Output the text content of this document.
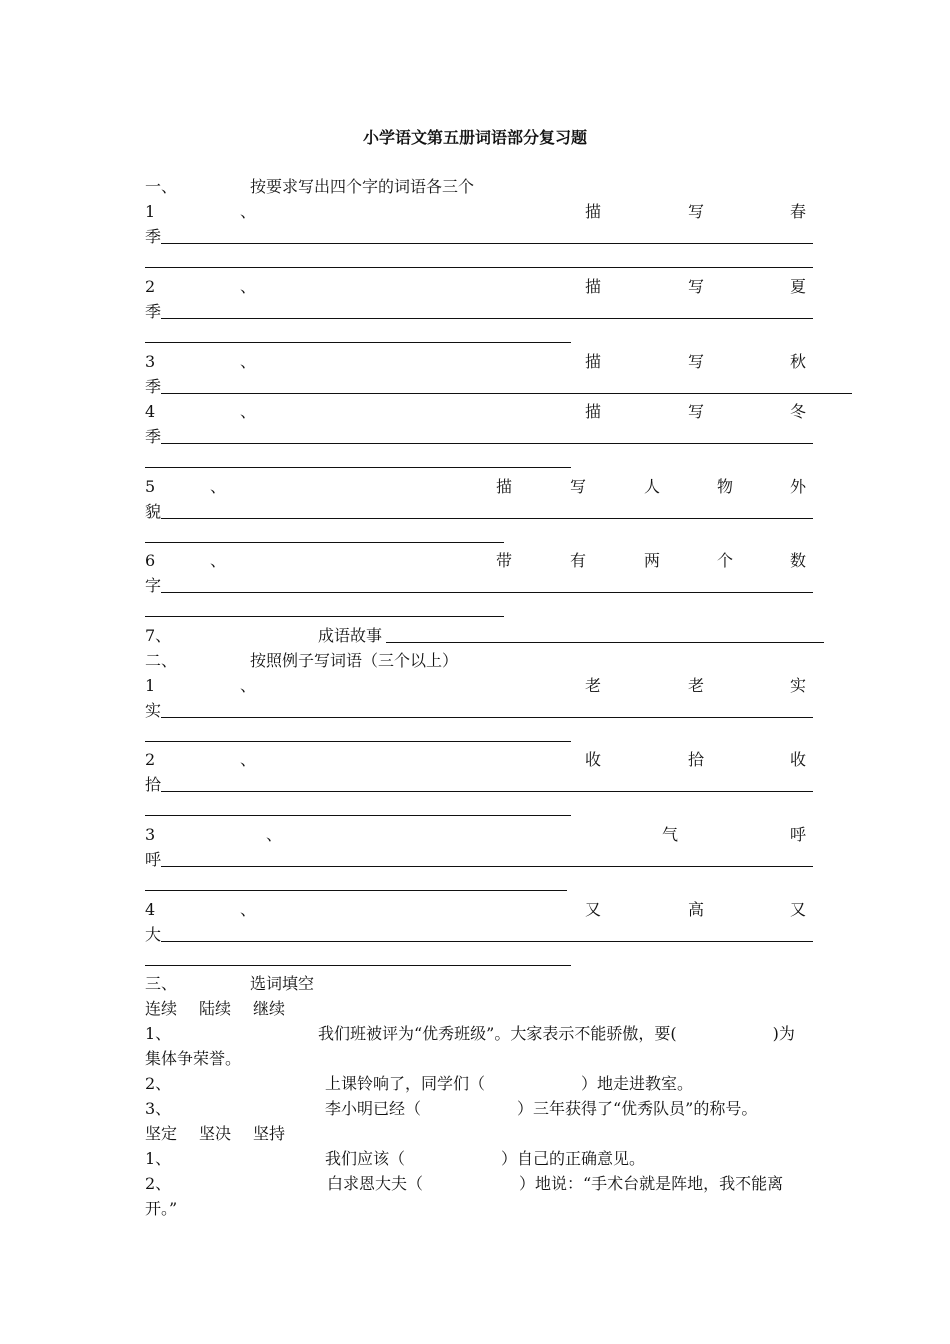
小学语文第五册词语部分复习题
一、	按要求写出四个字的词语各三个
1	、	描	写	春
季
2	、	描	写	夏
季
3	、	描	写	秋
季
4	、	描	写	冬
季
5	、	描	写	人	物	外
貌
6	、	带	有	两	个	数
字
7、	成语故事
二、	按照例子写词语（三个以上）
1	、	老	老	实
实
2	、	收	拾	收
拾
3	、	气	呼
呼
4	、	又	高	又
大
三、	选词填空
连续 陆续 继续
1、	我们班被评为“优秀班级”。大家表示不能骄傲，要(　　　　　　)为
集体争荣誉。
2、	上课铃响了，同学们（　　　　　　）地走进教室。
3、	李小明已经（　　　　　　）三年获得了“优秀队员”的称号。
坚定 坚决 坚持
1、	我们应该（　　　　　　）自己的正确意见。
2、	白求恩大夫（　　　　　　）地说：“手术台就是阵地，我不能离
开。”
